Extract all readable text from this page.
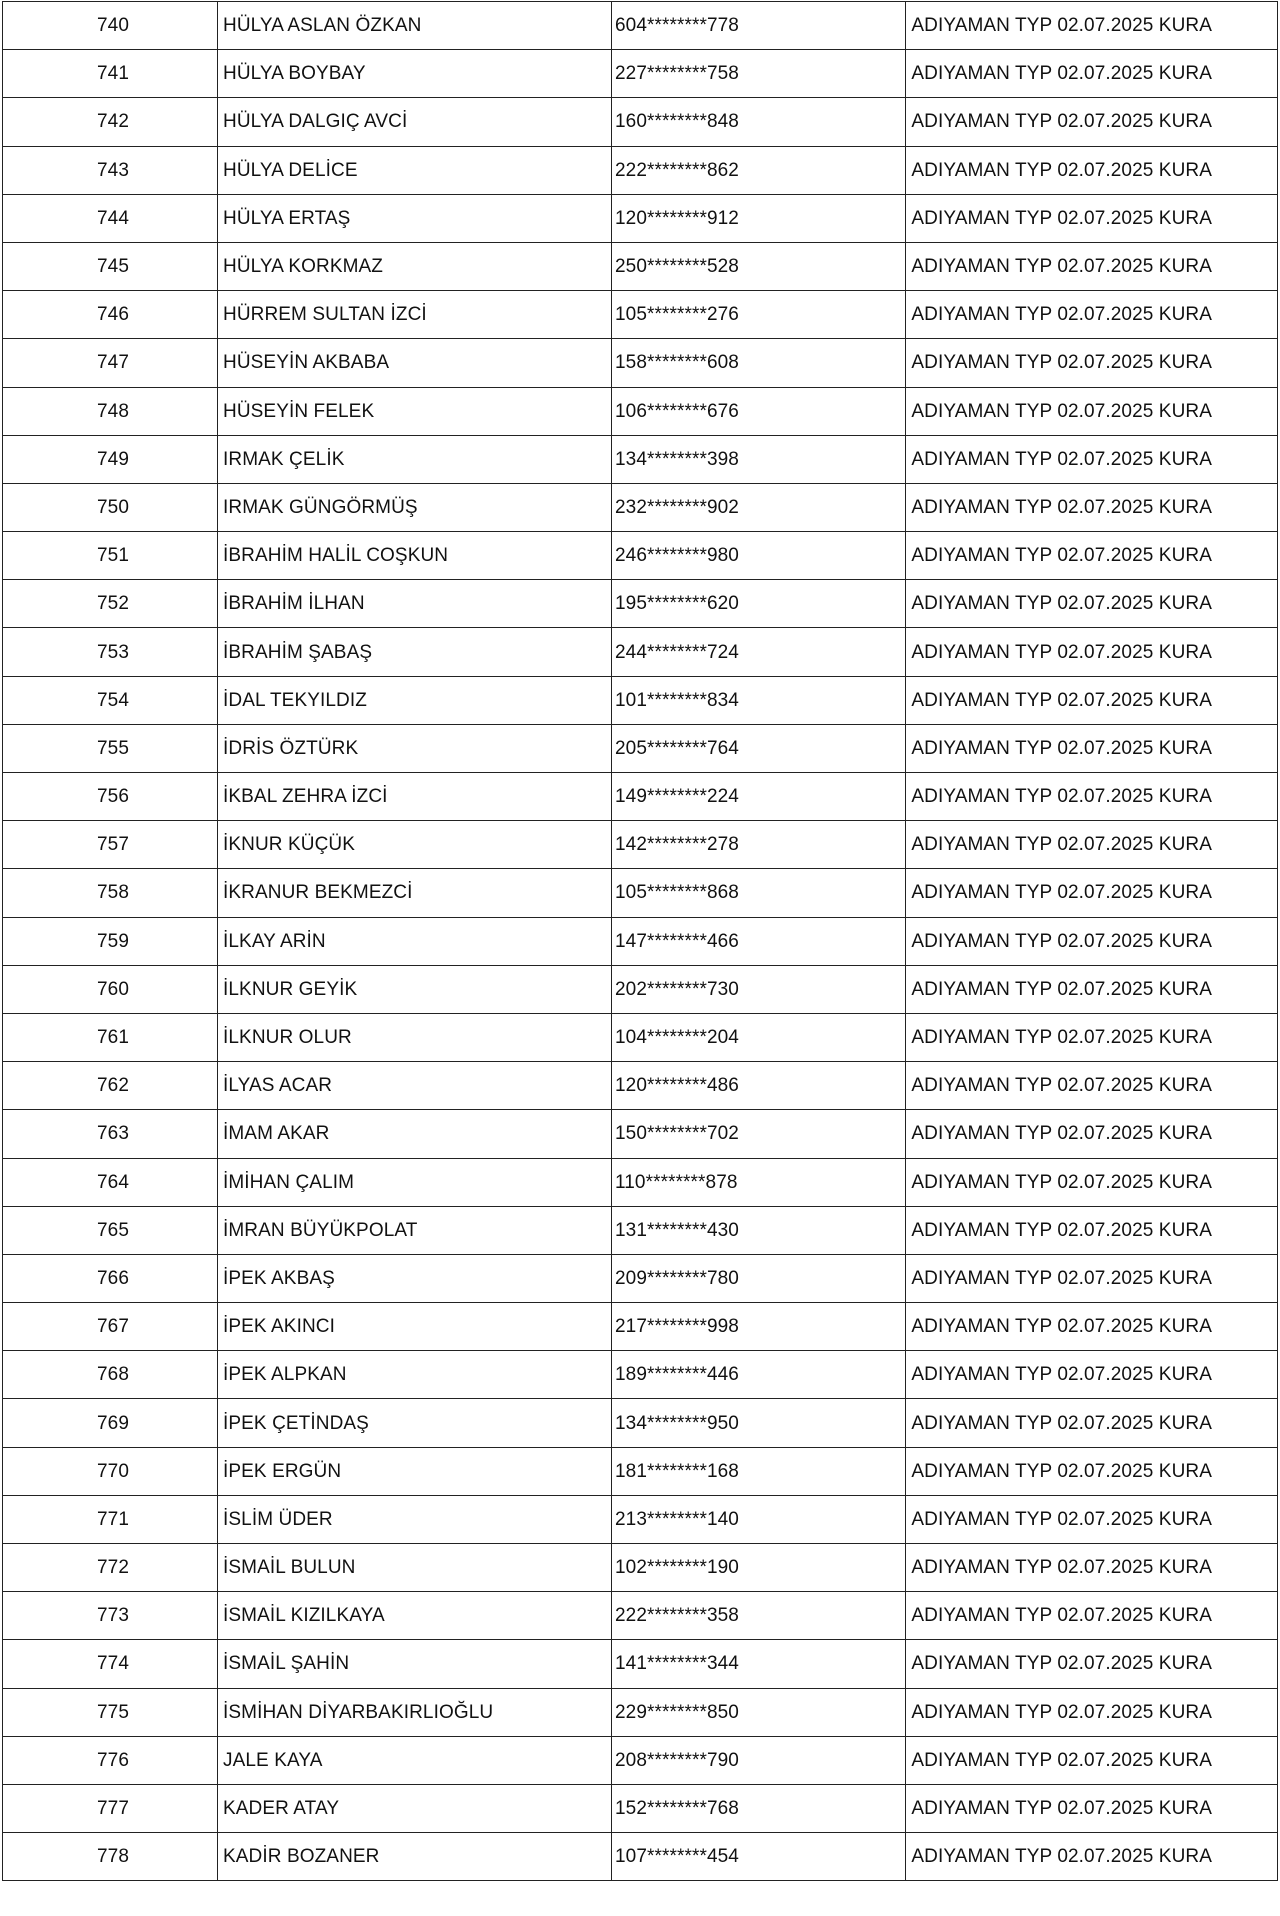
740	HÜLYA ASLAN ÖZKAN	604********778	ADIYAMAN TYP 02.07.2025 KURA
741	HÜLYA BOYBAY	227********758	ADIYAMAN TYP 02.07.2025 KURA
742	HÜLYA DALGIÇ AVCİ	160********848	ADIYAMAN TYP 02.07.2025 KURA
743	HÜLYA DELİCE	222********862	ADIYAMAN TYP 02.07.2025 KURA
744	HÜLYA ERTAŞ	120********912	ADIYAMAN TYP 02.07.2025 KURA
745	HÜLYA KORKMAZ	250********528	ADIYAMAN TYP 02.07.2025 KURA
746	HÜRREM SULTAN İZCİ	105********276	ADIYAMAN TYP 02.07.2025 KURA
747	HÜSEYİN AKBABA	158********608	ADIYAMAN TYP 02.07.2025 KURA
748	HÜSEYİN FELEK	106********676	ADIYAMAN TYP 02.07.2025 KURA
749	IRMAK ÇELİK	134********398	ADIYAMAN TYP 02.07.2025 KURA
750	IRMAK GÜNGÖRMÜŞ	232********902	ADIYAMAN TYP 02.07.2025 KURA
751	İBRAHİM HALİL COŞKUN	246********980	ADIYAMAN TYP 02.07.2025 KURA
752	İBRAHİM İLHAN	195********620	ADIYAMAN TYP 02.07.2025 KURA
753	İBRAHİM ŞABAŞ	244********724	ADIYAMAN TYP 02.07.2025 KURA
754	İDAL TEKYILDIZ	101********834	ADIYAMAN TYP 02.07.2025 KURA
755	İDRİS ÖZTÜRK	205********764	ADIYAMAN TYP 02.07.2025 KURA
756	İKBAL ZEHRA İZCİ	149********224	ADIYAMAN TYP 02.07.2025 KURA
757	İKNUR KÜÇÜK	142********278	ADIYAMAN TYP 02.07.2025 KURA
758	İKRANUR BEKMEZCİ	105********868	ADIYAMAN TYP 02.07.2025 KURA
759	İLKAY ARİN	147********466	ADIYAMAN TYP 02.07.2025 KURA
760	İLKNUR GEYİK	202********730	ADIYAMAN TYP 02.07.2025 KURA
761	İLKNUR OLUR	104********204	ADIYAMAN TYP 02.07.2025 KURA
762	İLYAS ACAR	120********486	ADIYAMAN TYP 02.07.2025 KURA
763	İMAM AKAR	150********702	ADIYAMAN TYP 02.07.2025 KURA
764	İMİHAN ÇALIM	110********878	ADIYAMAN TYP 02.07.2025 KURA
765	İMRAN BÜYÜKPOLAT	131********430	ADIYAMAN TYP 02.07.2025 KURA
766	İPEK AKBAŞ	209********780	ADIYAMAN TYP 02.07.2025 KURA
767	İPEK AKINCI	217********998	ADIYAMAN TYP 02.07.2025 KURA
768	İPEK ALPKAN	189********446	ADIYAMAN TYP 02.07.2025 KURA
769	İPEK ÇETİNDAŞ	134********950	ADIYAMAN TYP 02.07.2025 KURA
770	İPEK ERGÜN	181********168	ADIYAMAN TYP 02.07.2025 KURA
771	İSLİM ÜDER	213********140	ADIYAMAN TYP 02.07.2025 KURA
772	İSMAİL BULUN	102********190	ADIYAMAN TYP 02.07.2025 KURA
773	İSMAİL KIZILKAYA	222********358	ADIYAMAN TYP 02.07.2025 KURA
774	İSMAİL ŞAHİN	141********344	ADIYAMAN TYP 02.07.2025 KURA
775	İSMİHAN DİYARBAKIRLIOĞLU	229********850	ADIYAMAN TYP 02.07.2025 KURA
776	JALE KAYA	208********790	ADIYAMAN TYP 02.07.2025 KURA
777	KADER ATAY	152********768	ADIYAMAN TYP 02.07.2025 KURA
778	KADİR BOZANER	107********454	ADIYAMAN TYP 02.07.2025 KURA
